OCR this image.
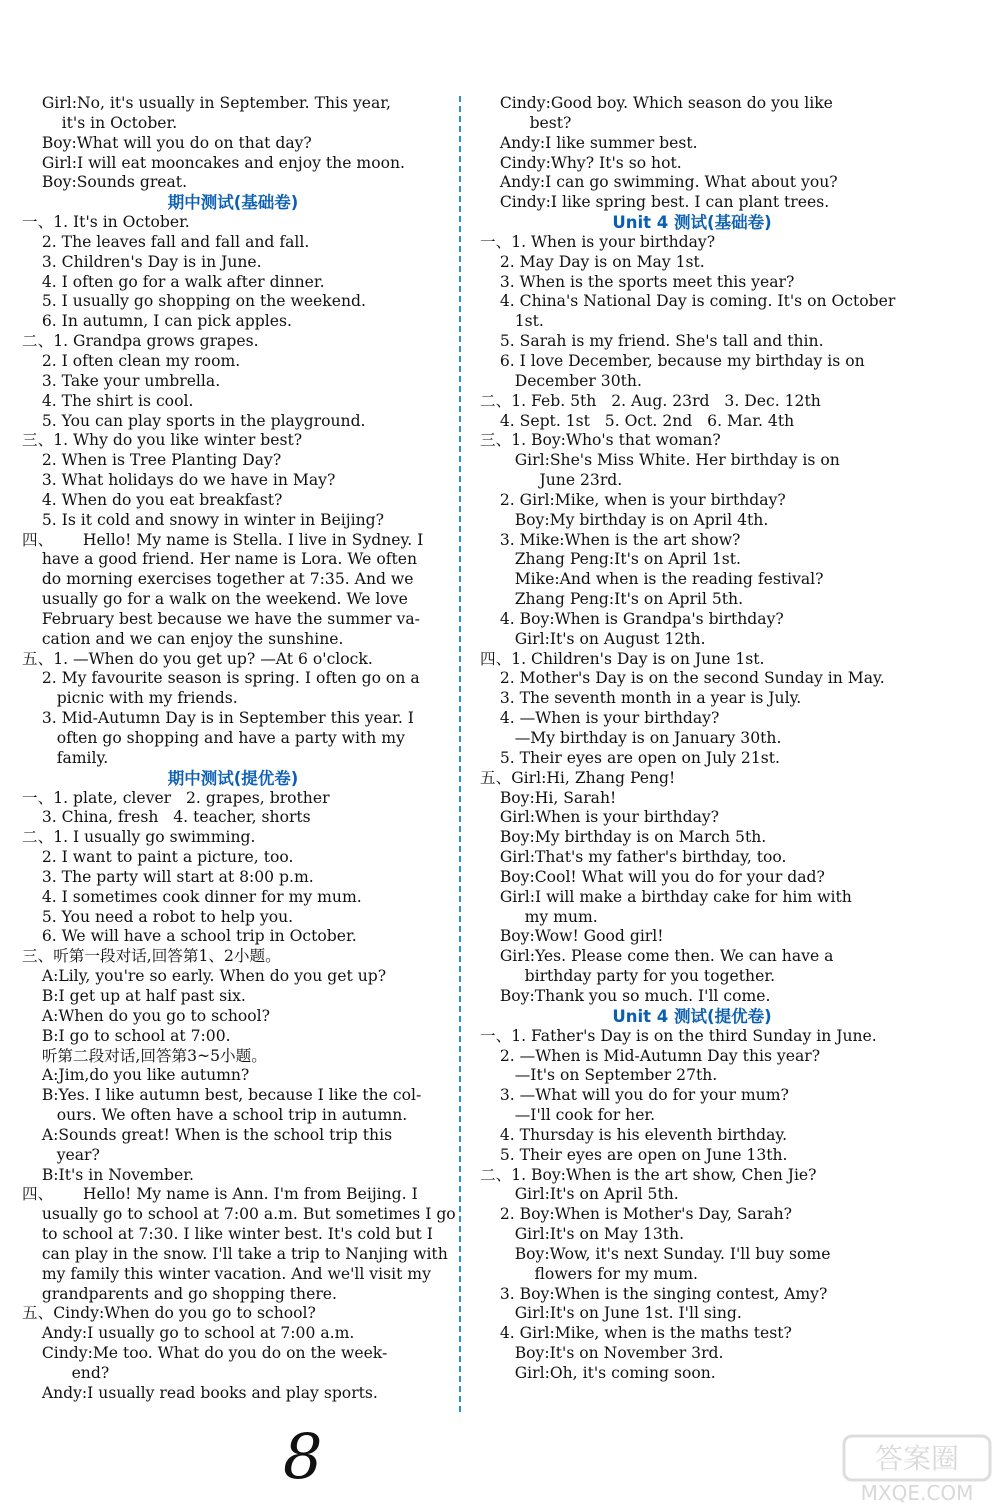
Girl:No, it's usually in September. This year,
it's in October.
Boy:What will you do on that day?
Girl:I will eat mooncakes and enjoy the moon.
Boy:Sounds great.
期中测试(基础卷)
一、1. It's in October.
2. The leaves fall and fall and fall.
3. Children's Day is in June.
4. I often go for a walk after dinner.
5. I usually go shopping on the weekend.
6. In autumn, I can pick apples.
二、1. Grandpa grows grapes.
2. I often clean my room.
3. Take your umbrella.
4. The shirt is cool.
5. You can play sports in the playground.
三、1. Why do you like winter best?
2. When is Tree Planting Day?
3. What holidays do we have in May?
4. When do you eat breakfast?
5. Is it cold and snowy in winter in Beijing?
四、      Hello! My name is Stella. I live in Sydney. I
have a good friend. Her name is Lora. We often
do morning exercises together at 7:35. And we
usually go for a walk on the weekend. We love
February best because we have the summer va-
cation and we can enjoy the sunshine.
五、1. —When do you get up? —At 6 o'clock.
2. My favourite season is spring. I often go on a
picnic with my friends.
3. Mid-Autumn Day is in September this year. I
often go shopping and have a party with my
family.
期中测试(提优卷)
一、1. plate, clever   2. grapes, brother
3. China, fresh   4. teacher, shorts
二、1. I usually go swimming.
2. I want to paint a picture, too.
3. The party will start at 8:00 p.m.
4. I sometimes cook dinner for my mum.
5. You need a robot to help you.
6. We will have a school trip in October.
三、听第一段对话,回答第1、2小题。
A:Lily, you're so early. When do you get up?
B:I get up at half past six.
A:When do you go to school?
B:I go to school at 7:00.
听第二段对话,回答第3~5小题。
A:Jim,do you like autumn?
B:Yes. I like autumn best, because I like the col-
ours. We often have a school trip in autumn.
A:Sounds great! When is the school trip this
year?
B:It's in November.
四、      Hello! My name is Ann. I'm from Beijing. I
usually go to school at 7:00 a.m. But sometimes I go
to school at 7:30. I like winter best. It's cold but I
can play in the snow. I'll take a trip to Nanjing with
my family this winter vacation. And we'll visit my
grandparents and go shopping there.
五、Cindy:When do you go to school?
Andy:I usually go to school at 7:00 a.m.
Cindy:Me too. What do you do on the week-
end?
Andy:I usually read books and play sports.
Cindy:Good boy. Which season do you like
best?
Andy:I like summer best.
Cindy:Why? It's so hot.
Andy:I can go swimming. What about you?
Cindy:I like spring best. I can plant trees.
Unit 4 测试(基础卷)
一、1. When is your birthday?
2. May Day is on May 1st.
3. When is the sports meet this year?
4. China's National Day is coming. It's on October
1st.
5. Sarah is my friend. She's tall and thin.
6. I love December, because my birthday is on
December 30th.
二、1. Feb. 5th   2. Aug. 23rd   3. Dec. 12th
4. Sept. 1st   5. Oct. 2nd   6. Mar. 4th
三、1. Boy:Who's that woman?
Girl:She's Miss White. Her birthday is on
June 23rd.
2. Girl:Mike, when is your birthday?
Boy:My birthday is on April 4th.
3. Mike:When is the art show?
Zhang Peng:It's on April 1st.
Mike:And when is the reading festival?
Zhang Peng:It's on April 5th.
4. Boy:When is Grandpa's birthday?
Girl:It's on August 12th.
四、1. Children's Day is on June 1st.
2. Mother's Day is on the second Sunday in May.
3. The seventh month in a year is July.
4. —When is your birthday?
—My birthday is on January 30th.
5. Their eyes are open on July 21st.
五、Girl:Hi, Zhang Peng!
Boy:Hi, Sarah!
Girl:When is your birthday?
Boy:My birthday is on March 5th.
Girl:That's my father's birthday, too.
Boy:Cool! What will you do for your dad?
Girl:I will make a birthday cake for him with
my mum.
Boy:Wow! Good girl!
Girl:Yes. Please come then. We can have a
birthday party for you together.
Boy:Thank you so much. I'll come.
Unit 4 测试(提优卷)
一、1. Father's Day is on the third Sunday in June.
2. —When is Mid-Autumn Day this year?
—It's on September 27th.
3. —What will you do for your mum?
—I'll cook for her.
4. Thursday is his eleventh birthday.
5. Their eyes are open on June 13th.
二、1. Boy:When is the art show, Chen Jie?
Girl:It's on April 5th.
2. Boy:When is Mother's Day, Sarah?
Girl:It's on May 13th.
Boy:Wow, it's next Sunday. I'll buy some
flowers for my mum.
3. Boy:When is the singing contest, Amy?
Girl:It's on June 1st. I'll sing.
4. Girl:Mike, when is the maths test?
Boy:It's on November 3rd.
Girl:Oh, it's coming soon.
8	答案圈
MXQE.COM
